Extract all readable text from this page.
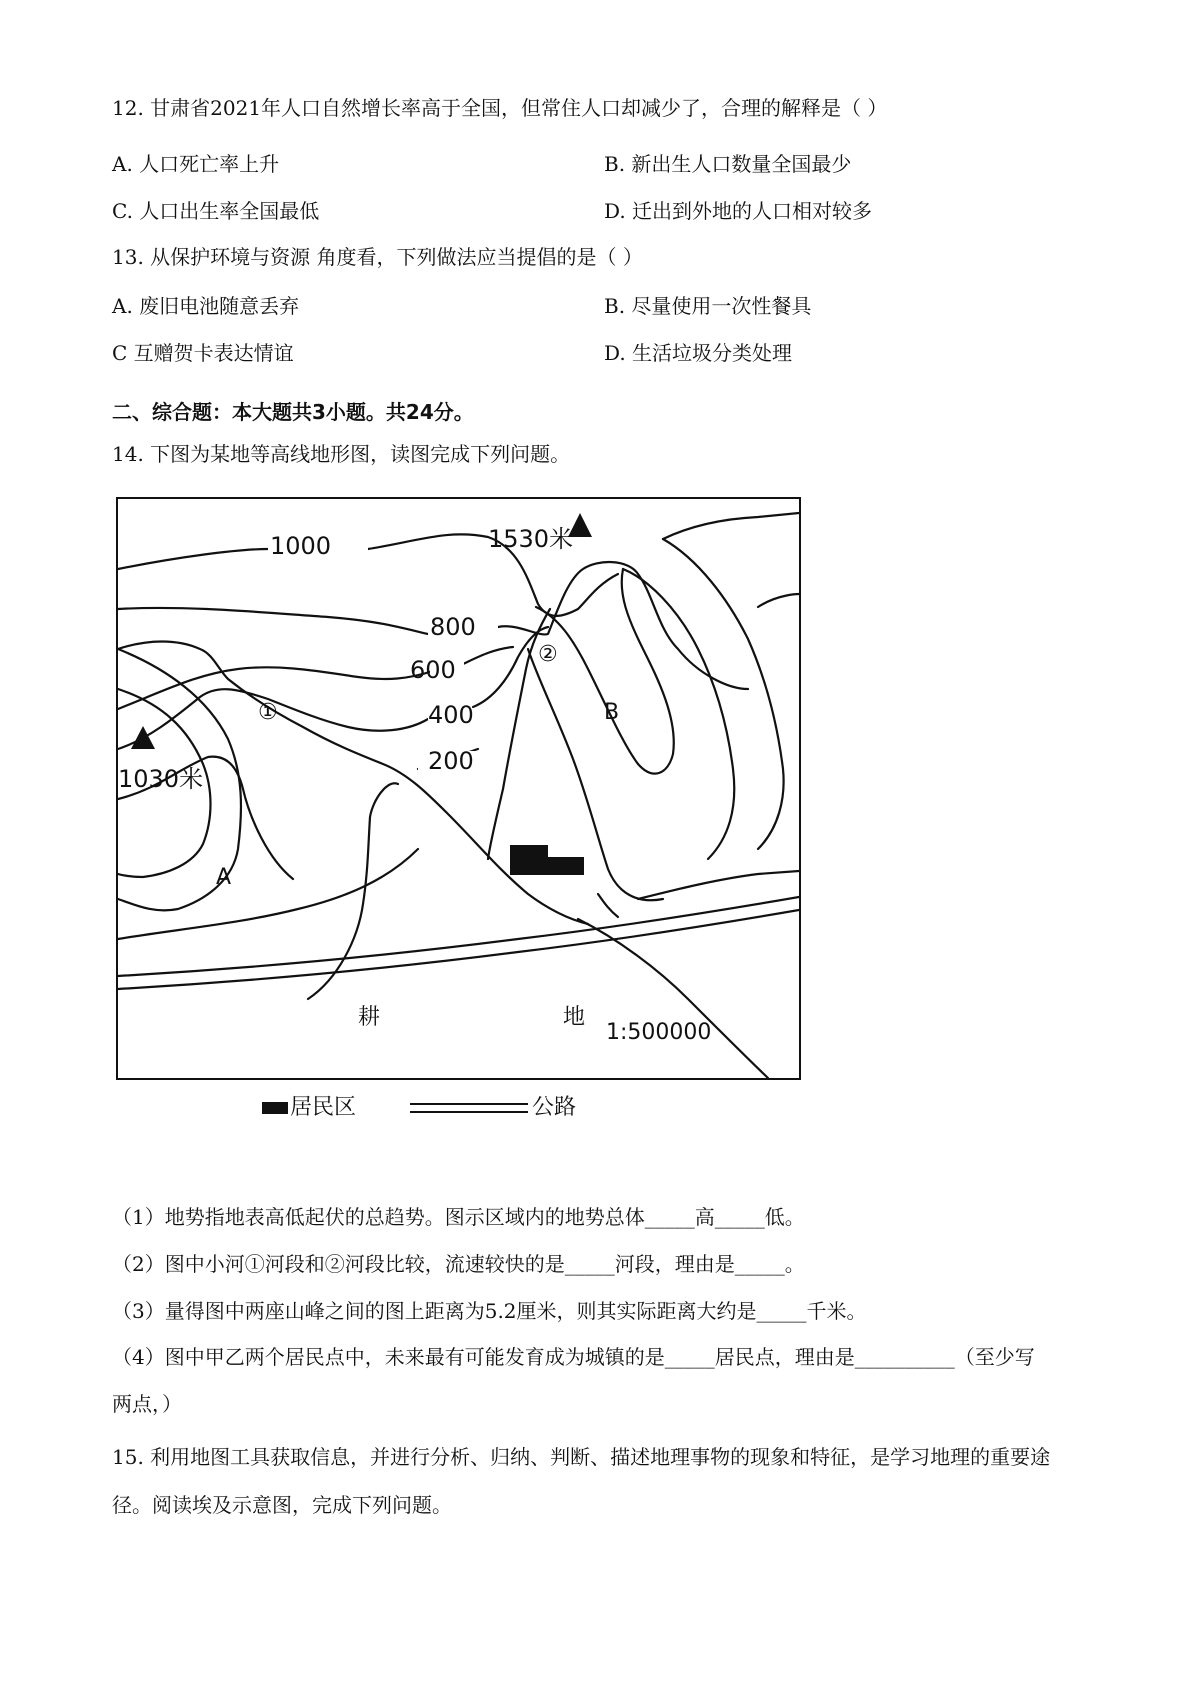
12. 甘肃省2021年人口自然增长率高于全国，但常住人口却减少了，合理的解释是（ ）
A. 人口死亡率上升	B. 新出生人口数量全国最少
C. 人口出生率全国最低	D. 迁出到外地的人口相对较多
13. 从保护环境与资源 角度看，下列做法应当提倡的是（ ）
A. 废旧电池随意丢弃	B. 尽量使用一次性餐具
C 互赠贺卡表达情谊	D. 生活垃圾分类处理
二、综合题：本大题共3小题。共24分。
14. 下图为某地等高线地形图，读图完成下列问题。
1000
800
600
400
200
1530米
1030米
A
B
①
②
耕	地
1:500000
居民区	公路
（1）地势指地表高低起伏的总趋势。图示区域内的地势总体_____高_____低。
（2）图中小河①河段和②河段比较，流速较快的是_____河段，理由是_____。
（3）量得图中两座山峰之间的图上距离为5.2厘米，则其实际距离大约是_____千米。
（4）图中甲乙两个居民点中，未来最有可能发育成为城镇的是_____居民点，理由是__________（至少写
两点，）
15. 利用地图工具获取信息，并进行分析、归纳、判断、描述地理事物的现象和特征，是学习地理的重要途
径。阅读埃及示意图，完成下列问题。
